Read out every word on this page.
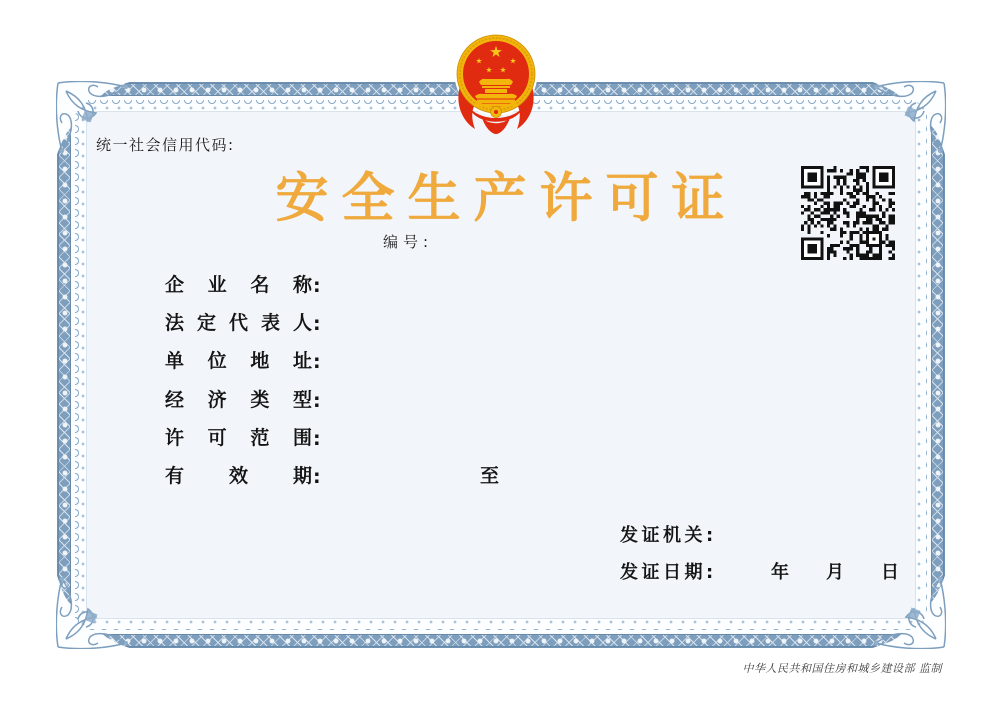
统一社会信用代码:
安全生产许可证
编号:
企业名称:
法定代表人:
单位地址:
经济类型:
许可范围:
有效期:	至
发证机关:
发证日期:	年 月 日
中华人民共和国住房和城乡建设部 监制
